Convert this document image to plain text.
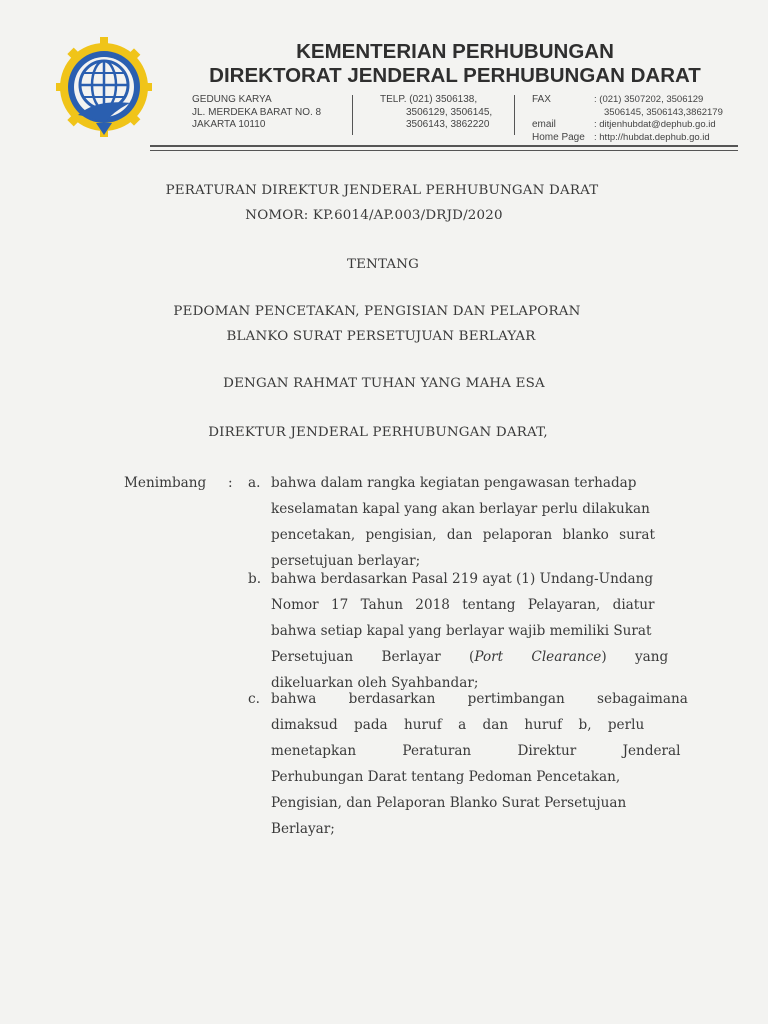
KEMENTERIAN PERHUBUNGAN
DIREKTORAT JENDERAL PERHUBUNGAN DARAT
GEDUNG KARYA
JL. MERDEKA BARAT NO. 8
JAKARTA 10110
TELP. (021) 3506138,
3506129, 3506145,
3506143, 3862220
FAX

email
Home Page
: (021) 3507202, 3506129
3506145, 3506143,3862179
: ditjenhubdat@dephub.go.id
: http://hubdat.dephub.go.id
PERATURAN DIREKTUR JENDERAL PERHUBUNGAN DARAT
NOMOR: KP.6014/AP.003/DRJD/2020
TENTANG
PEDOMAN PENCETAKAN, PENGISIAN DAN PELAPORAN
BLANKO SURAT PERSETUJUAN BERLAYAR
DENGAN RAHMAT TUHAN YANG MAHA ESA
DIREKTUR JENDERAL PERHUBUNGAN DARAT,
Menimbang : a. bahwa dalam rangka kegiatan pengawasan terhadap
keselamatan kapal yang akan berlayar perlu dilakukan
pencetakan, pengisian, dan pelaporan blanko surat
persetujuan berlayar;
b. bahwa berdasarkan Pasal 219 ayat (1) Undang-Undang
Nomor 17 Tahun 2018 tentang Pelayaran, diatur
bahwa setiap kapal yang berlayar wajib memiliki Surat
Persetujuan Berlayar (Port Clearance) yang
dikeluarkan oleh Syahbandar;
c. bahwa berdasarkan pertimbangan sebagaimana
dimaksud pada huruf a dan huruf b, perlu
menetapkan Peraturan Direktur Jenderal
Perhubungan Darat tentang Pedoman Pencetakan,
Pengisian, dan Pelaporan Blanko Surat Persetujuan
Berlayar;
